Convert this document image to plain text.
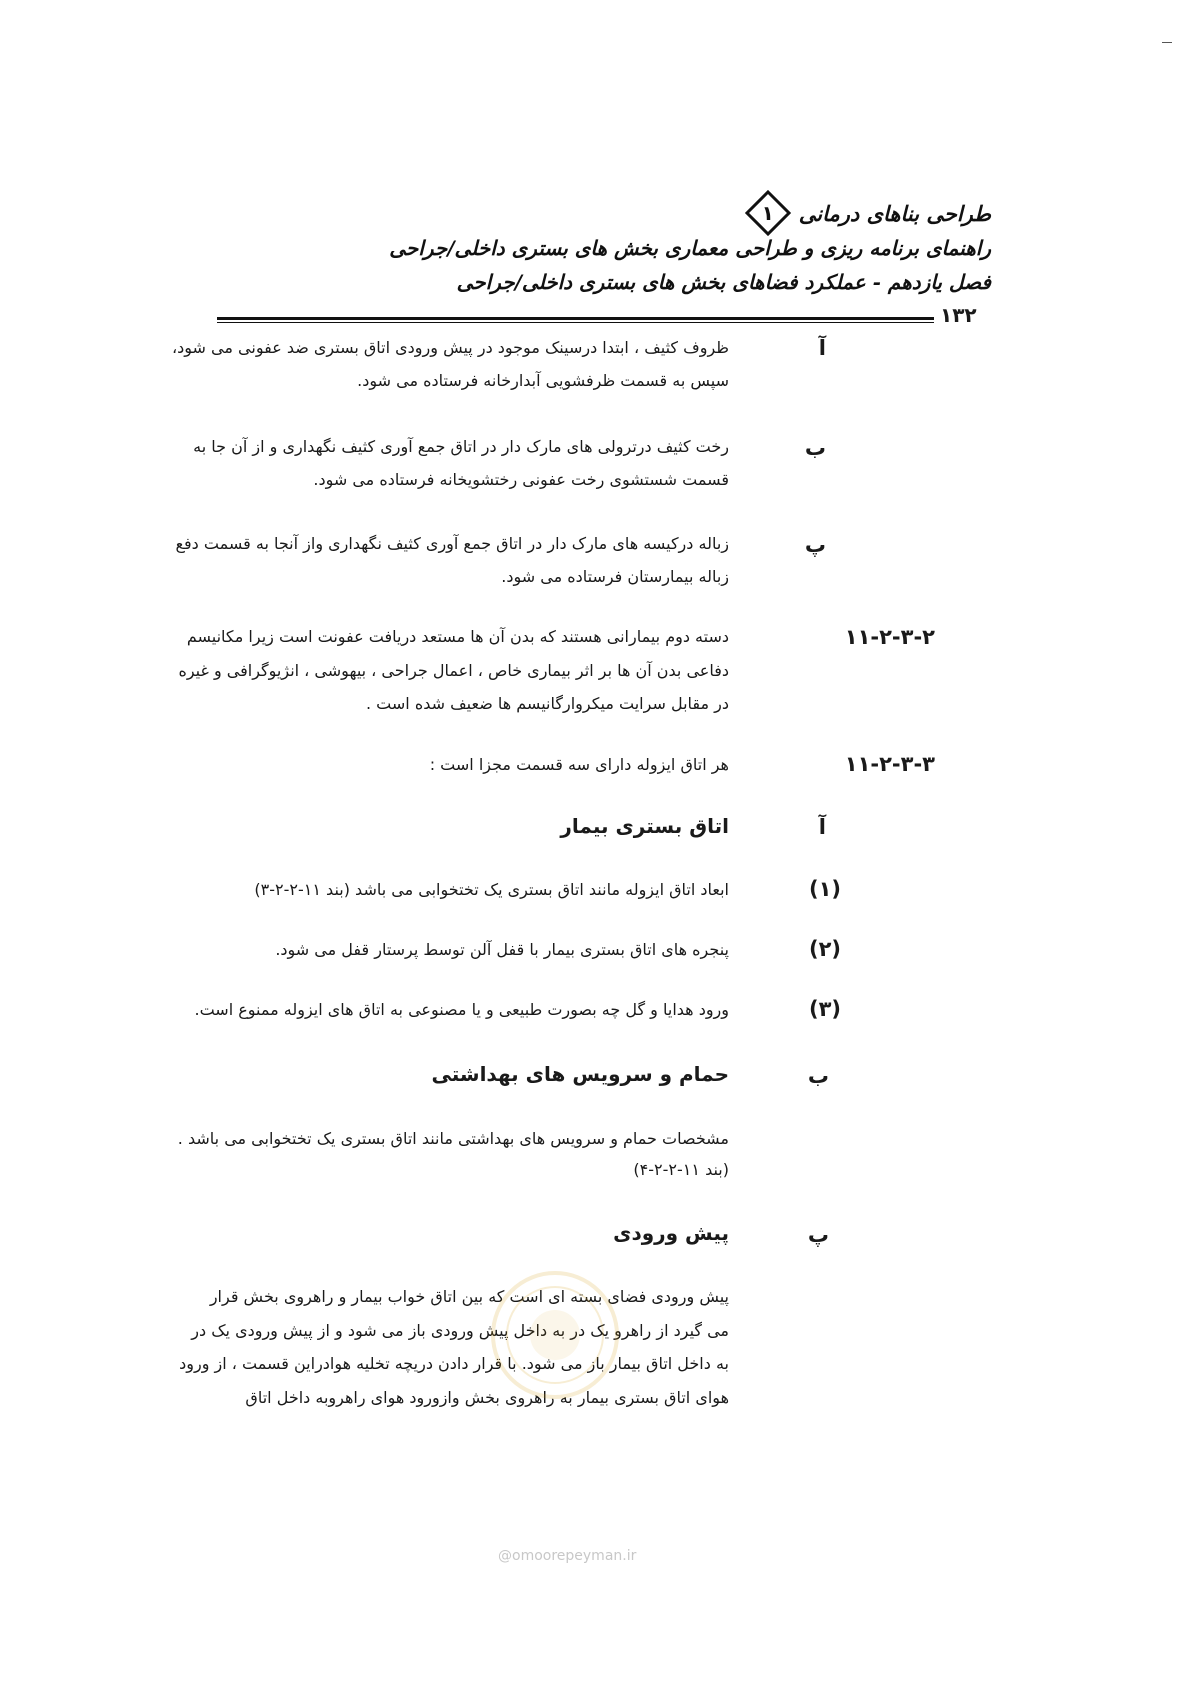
طراحی بناهای درمانی
۱
راهنمای برنامه ریزی و طراحی معماری بخش های بستری داخلی/جراحی
فصل یازدهم - عملکرد فضاهای بخش های بستری داخلی/جراحی
۱۳۲
آ
ظروف کثیف ، ابتدا درسینک موجود در پیش ورودی اتاق بستری ضد عفونی می شود،
سپس به قسمت ظرفشویی آبدارخانه فرستاده می شود.
ب
رخت کثیف درترولی های مارک دار در اتاق جمع آوری کثیف نگهداری و از آن جا به
قسمت شستشوی رخت عفونی رختشویخانه فرستاده می شود.
پ
زباله درکیسه های مارک دار در اتاق جمع آوری کثیف نگهداری واز آنجا به قسمت دفع
زباله بیمارستان فرستاده می شود.
۱۱-۲-۳-۲
دسته دوم بیمارانی هستند که بدن آن ها مستعد دریافت عفونت است زیرا مکانیسم
دفاعی بدن آن ها بر اثر بیماری خاص ، اعمال جراحی ، بیهوشی ، انژیوگرافی و غیره
در مقابل سرایت میکروارگانیسم ها ضعیف شده است .
۱۱-۲-۳-۳
هر اتاق ایزوله دارای سه قسمت مجزا است :
آ
اتاق بستری بیمار
(۱)
ابعاد اتاق ایزوله مانند اتاق بستری یک تختخوابی می باشد (بند ۱۱-۲-۲-۳)
(۲)
پنجره های اتاق بستری بیمار با قفل آلن توسط پرستار قفل می شود.
(۳)
ورود هدایا و گل چه بصورت طبیعی و یا مصنوعی به اتاق های ایزوله ممنوع است.
ب
حمام و سرویس های بهداشتی
مشخصات حمام و سرویس های بهداشتی مانند اتاق بستری یک تختخوابی می باشد .
(بند ۱۱-۲-۲-۴)
پ
پیش ورودی
پیش ورودی فضای بسته ای است که بین اتاق خواب بیمار و راهروی بخش قرار
می گیرد از راهرو یک در به داخل پیش ورودی باز می شود و از پیش ورودی یک در
به داخل اتاق بیمار باز می شود. با قرار دادن دریچه تخلیه هوادراین قسمت ، از ورود
هوای اتاق بستری بیمار به راهروی بخش وازورود هوای راهروبه داخل اتاق
@omoorepeyman.ir
